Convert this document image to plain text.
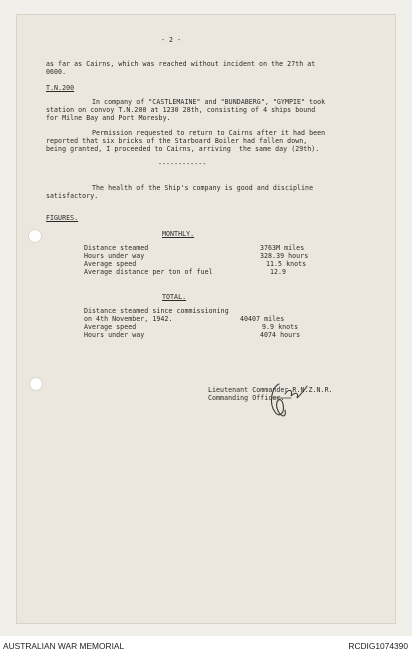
- 2 -
as far as Cairns, which was reached without incident on the 27th at
0600.
T.N.200
In company of "CASTLEMAINE" and "BUNDABERG", "GYMPIE" took
station on convoy T.N.200 at 1230 28th, consisting of 4 ships bound
for Milne Bay and Port Moresby.
Permission requested to return to Cairns after it had been
reported that six bricks of the Starboard Boiler had fallen down,
being granted, I proceeded to Cairns, arriving  the same day (29th).
------------
The health of the Ship's company is good and discipline
satisfactory.
FIGURES.
MONTHLY.
Distance steamed	3763M miles
Hours under way	328.39 hours
Average speed	11.5 knots
Average distance per ton of fuel	12.9
TOTAL.
Distance steamed since commissioning
on 4th November, 1942.	40407 miles
Average speed	9.9 knots
Hours under way	4074 hours
Lieutenant Commander R.N.Z.N.R.
Commanding Officer.
AUSTRALIAN WAR MEMORIAL	RCDIG1074390
